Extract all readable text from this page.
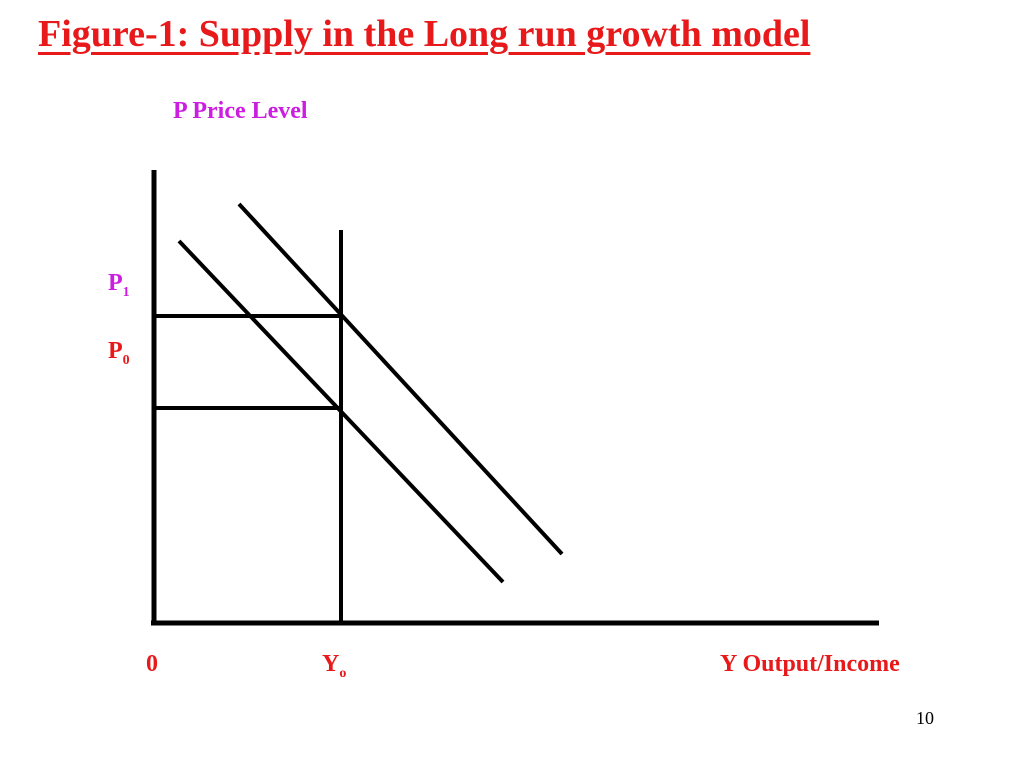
Figure-1: Supply in the Long run growth model
P Price Level
$P_1$
$P_0$
0	$Y_o$	Y Output/Income
10
